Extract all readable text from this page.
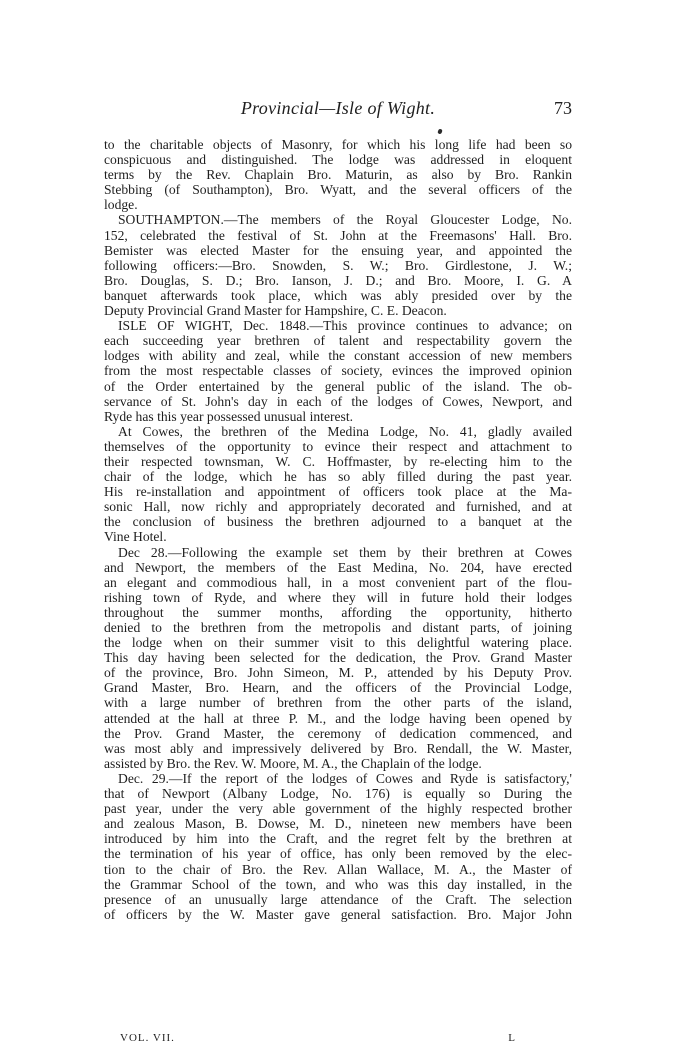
Provincial—Isle of Wight.	73
to the charitable objects of Masonry, for which his long life had been so
conspicuous and distinguished. The lodge was addressed in eloquent
terms by the Rev. Chaplain Bro. Maturin, as also by Bro. Rankin
Stebbing (of Southampton), Bro. Wyatt, and the several officers of the
lodge.
SOUTHAMPTON.—The members of the Royal Gloucester Lodge, No.
152, celebrated the festival of St. John at the Freemasons' Hall. Bro.
Bemister was elected Master for the ensuing year, and appointed the
following officers:—Bro. Snowden, S. W.; Bro. Girdlestone, J. W.;
Bro. Douglas, S. D.; Bro. Ianson, J. D.; and Bro. Moore, I. G. A
banquet afterwards took place, which was ably presided over by the
Deputy Provincial Grand Master for Hampshire, C. E. Deacon.
ISLE OF WIGHT, Dec. 1848.—This province continues to advance; on
each succeeding year brethren of talent and respectability govern the
lodges with ability and zeal, while the constant accession of new members
from the most respectable classes of society, evinces the improved opinion
of the Order entertained by the general public of the island. The ob-
servance of St. John's day in each of the lodges of Cowes, Newport, and
Ryde has this year possessed unusual interest.
At Cowes, the brethren of the Medina Lodge, No. 41, gladly availed
themselves of the opportunity to evince their respect and attachment to
their respected townsman, W. C. Hoffmaster, by re-electing him to the
chair of the lodge, which he has so ably filled during the past year.
His re-installation and appointment of officers took place at the Ma-
sonic Hall, now richly and appropriately decorated and furnished, and at
the conclusion of business the brethren adjourned to a banquet at the
Vine Hotel.
Dec 28.—Following the example set them by their brethren at Cowes
and Newport, the members of the East Medina, No. 204, have erected
an elegant and commodious hall, in a most convenient part of the flou-
rishing town of Ryde, and where they will in future hold their lodges
throughout the summer months, affording the opportunity, hitherto
denied to the brethren from the metropolis and distant parts, of joining
the lodge when on their summer visit to this delightful watering place.
This day having been selected for the dedication, the Prov. Grand Master
of the province, Bro. John Simeon, M. P., attended by his Deputy Prov.
Grand Master, Bro. Hearn, and the officers of the Provincial Lodge,
with a large number of brethren from the other parts of the island,
attended at the hall at three P. M., and the lodge having been opened by
the Prov. Grand Master, the ceremony of dedication commenced, and
was most ably and impressively delivered by Bro. Rendall, the W. Master,
assisted by Bro. the Rev. W. Moore, M. A., the Chaplain of the lodge.
Dec. 29.—If the report of the lodges of Cowes and Ryde is satisfactory,'
that of Newport (Albany Lodge, No. 176) is equally so During the
past year, under the very able government of the highly respected brother
and zealous Mason, B. Dowse, M. D., nineteen new members have been
introduced by him into the Craft, and the regret felt by the brethren at
the termination of his year of office, has only been removed by the elec-
tion to the chair of Bro. the Rev. Allan Wallace, M. A., the Master of
the Grammar School of the town, and who was this day installed, in the
presence of an unusually large attendance of the Craft. The selection
of officers by the W. Master gave general satisfaction. Bro. Major John
VOL. VII.	L
